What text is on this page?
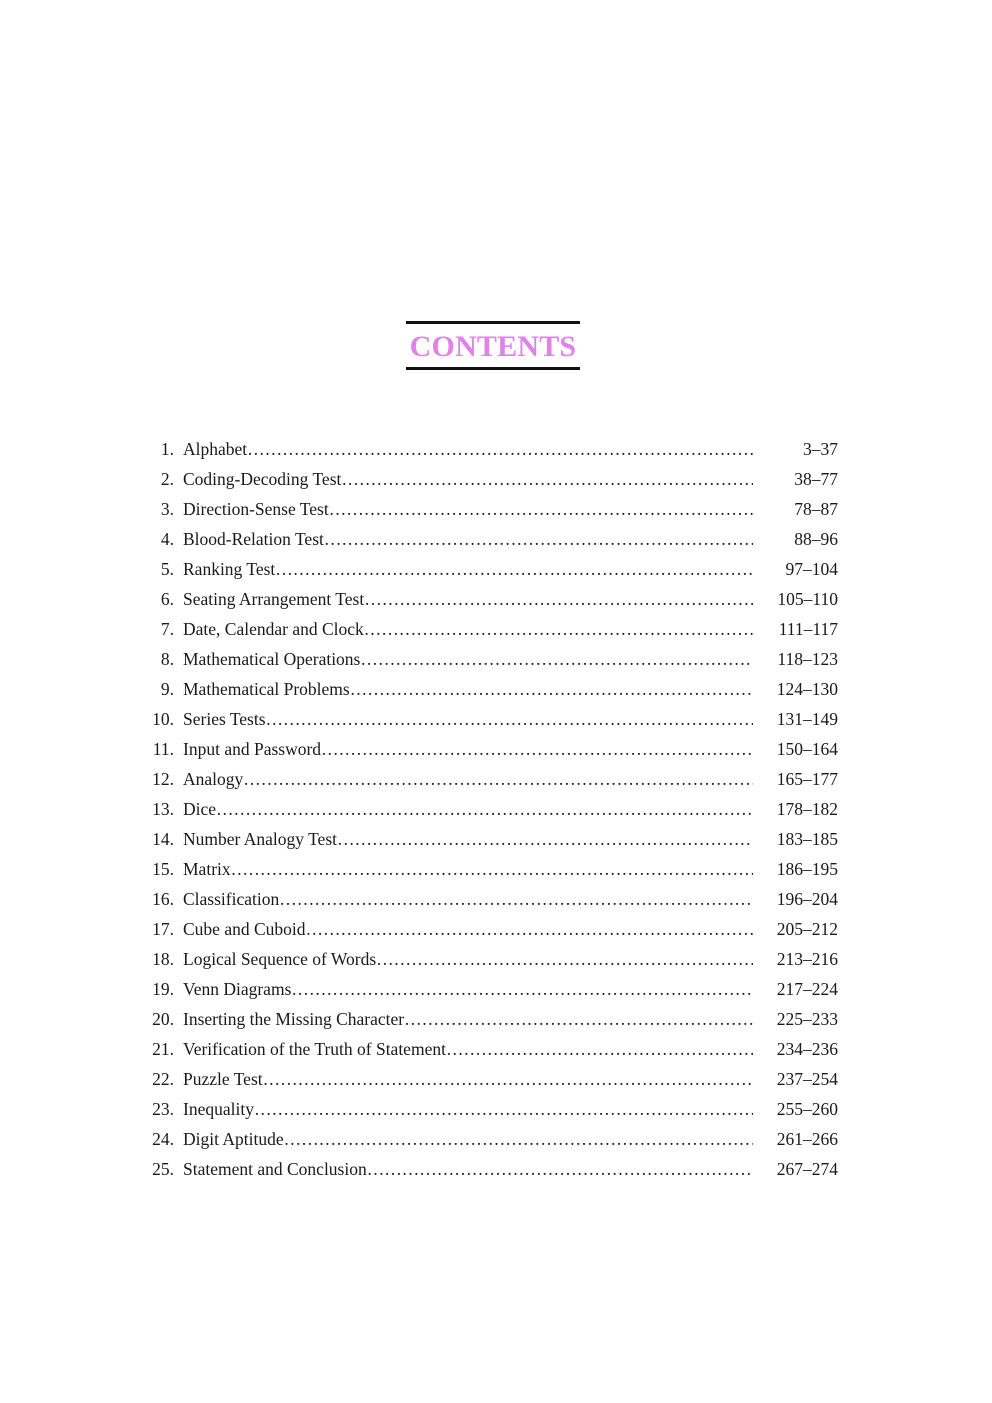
CONTENTS
1. Alphabet ……………………………………………………………………………………………………………………………………………………………	3–37
2. Coding-Decoding Test ……………………………………………………………………………………………………………………………………………………………	38–77
3. Direction-Sense Test ……………………………………………………………………………………………………………………………………………………………	78–87
4. Blood-Relation Test ……………………………………………………………………………………………………………………………………………………………	88–96
5. Ranking Test ……………………………………………………………………………………………………………………………………………………………	97–104
6. Seating Arrangement Test ……………………………………………………………………………………………………………………………………………………………	105–110
7. Date, Calendar and Clock ……………………………………………………………………………………………………………………………………………………………	111–117
8. Mathematical Operations ……………………………………………………………………………………………………………………………………………………………	118–123
9. Mathematical Problems ……………………………………………………………………………………………………………………………………………………………	124–130
10. Series Tests ……………………………………………………………………………………………………………………………………………………………	131–149
11. Input and Password ……………………………………………………………………………………………………………………………………………………………	150–164
12. Analogy ……………………………………………………………………………………………………………………………………………………………	165–177
13. Dice ……………………………………………………………………………………………………………………………………………………………	178–182
14. Number Analogy Test ……………………………………………………………………………………………………………………………………………………………	183–185
15. Matrix ……………………………………………………………………………………………………………………………………………………………	186–195
16. Classification ……………………………………………………………………………………………………………………………………………………………	196–204
17. Cube and Cuboid ……………………………………………………………………………………………………………………………………………………………	205–212
18. Logical Sequence of Words ……………………………………………………………………………………………………………………………………………………………	213–216
19. Venn Diagrams ……………………………………………………………………………………………………………………………………………………………	217–224
20. Inserting the Missing Character ……………………………………………………………………………………………………………………………………………………………	225–233
21. Verification of the Truth of Statement ……………………………………………………………………………………………………………………………………………………………	234–236
22. Puzzle Test ……………………………………………………………………………………………………………………………………………………………	237–254
23. Inequality ……………………………………………………………………………………………………………………………………………………………	255–260
24. Digit Aptitude ……………………………………………………………………………………………………………………………………………………………	261–266
25. Statement and Conclusion ……………………………………………………………………………………………………………………………………………………………	267–274
